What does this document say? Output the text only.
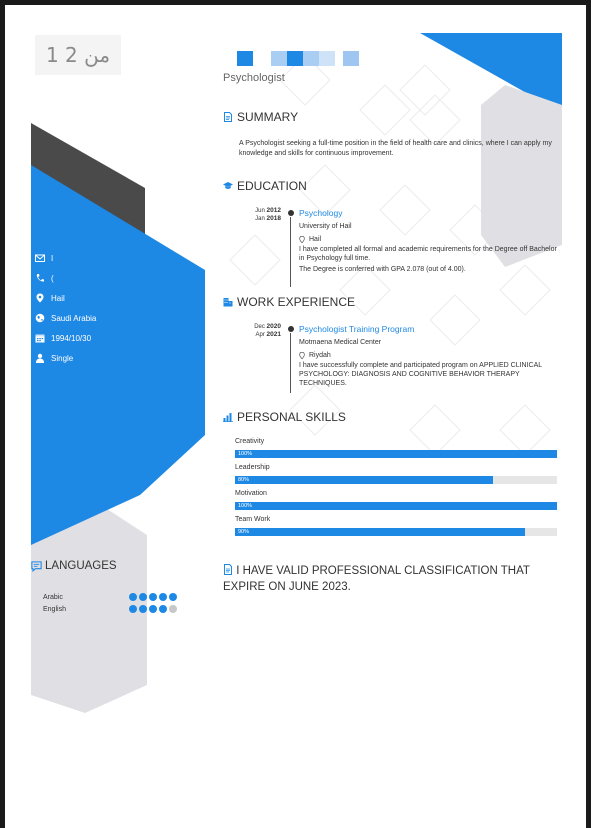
1 من 2
Psychologist
I
(
Hail
Saudi Arabia
1994/10/30
Single
SUMMARY
A Psychologist seeking a full-time position in the field of health care and clinics, where I can apply my knowledge and skills for continuous improvement.
EDUCATION
Jun 2012
Jan 2018
Psychology
University of Hail
Hail
I have completed all formal and academic requirements for the Degree off Bachelor in Psychology full time.
The Degree is conferred with GPA 2.078 (out of 4.00).
WORK EXPERIENCE
Dec 2020
Apr 2021
Psychologist Training Program
Motmaena Medical Center
Riydah
I have successfully complete and participated program on APPLIED CLINICAL PSYCHOLOGY: DIAGNOSIS AND COGNITIVE BEHAVIOR THERAPY TECHNIQUES.
PERSONAL SKILLS
Creativity
100%
Leadership
80%
Motivation
100%
Team Work
90%
LANGUAGES
Arabic
English
I HAVE VALID PROFESSIONAL CLASSIFICATION THAT EXPIRE ON JUNE 2023.
